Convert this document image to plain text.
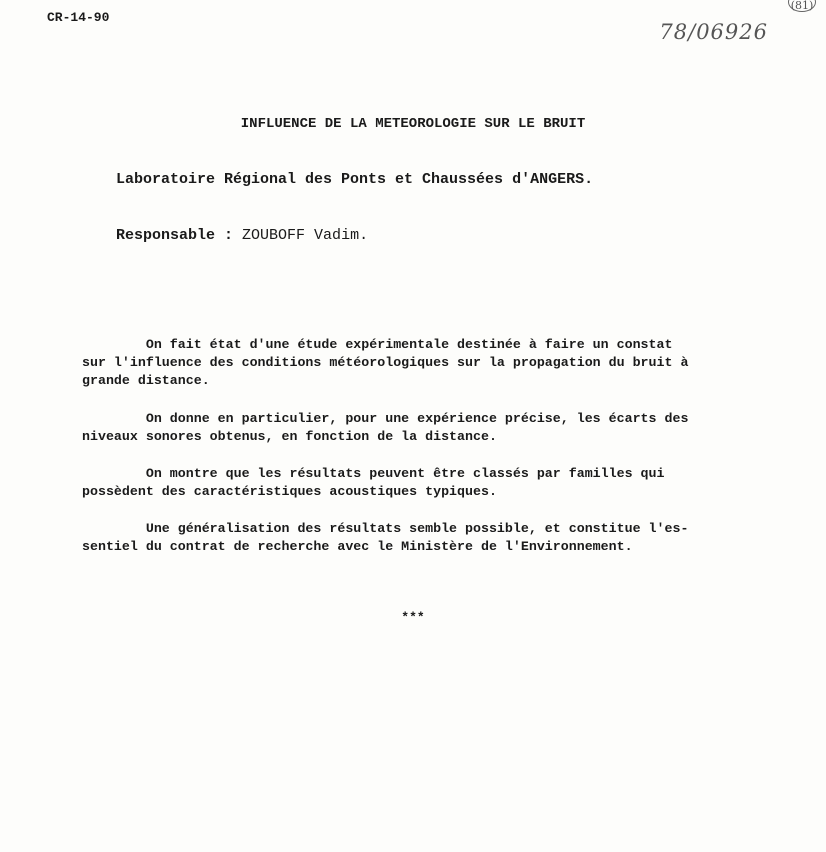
CR-14-90
(81)
78/06926
INFLUENCE DE LA METEOROLOGIE SUR LE BRUIT
Laboratoire Régional des Ponts et Chaussées d'ANGERS.
Responsable : ZOUBOFF Vadim.
On fait état d'une étude expérimentale destinée à faire un constat
sur l'influence des conditions météorologiques sur la propagation du bruit à
grande distance.
On donne en particulier, pour une expérience précise, les écarts des
niveaux sonores obtenus, en fonction de la distance.
On montre que les résultats peuvent être classés par familles qui
possèdent des caractéristiques acoustiques typiques.
Une généralisation des résultats semble possible, et constitue l'es-
sentiel du contrat de recherche avec le Ministère de l'Environnement.
***
